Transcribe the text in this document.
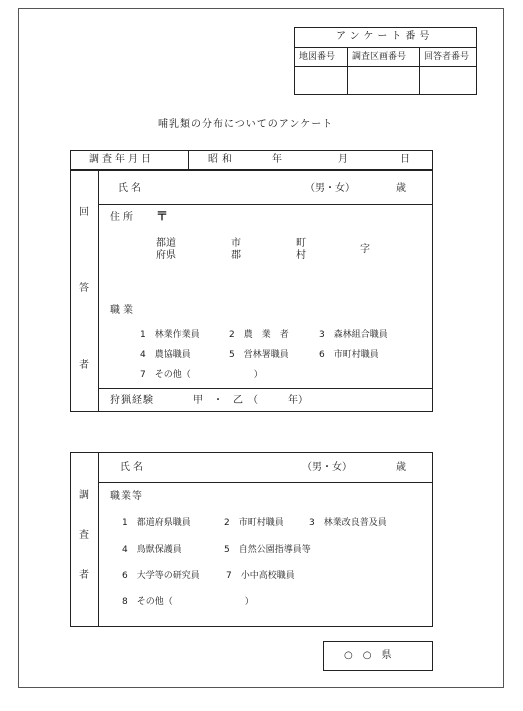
アンケート番号
地図番号 調査区画番号 回答者番号
哺乳類の分布についてのアンケート
調査年月日	昭和	年	月	日
回
答
者
氏名	（男・女）	歳
住所 〒
都道
府県
市
郡
町
村
字
職業
1　林業作業員	2　農　業　者	3　森林組合職員
4　農協職員	5　営林署職員	6　市町村職員
7　その他（　　　　　　　）
狩猟経験	甲　・　乙　（　　　年）
調
査
者
氏名	（男・女）	歳
職業等
1　都道府県職員	2　市町村職員	3　林業改良普及員
4　鳥獣保護員	5　自然公園指導員等
6　大学等の研究員	7　小中高校職員
8　その他（　　　　　　　　）
○　○　県
